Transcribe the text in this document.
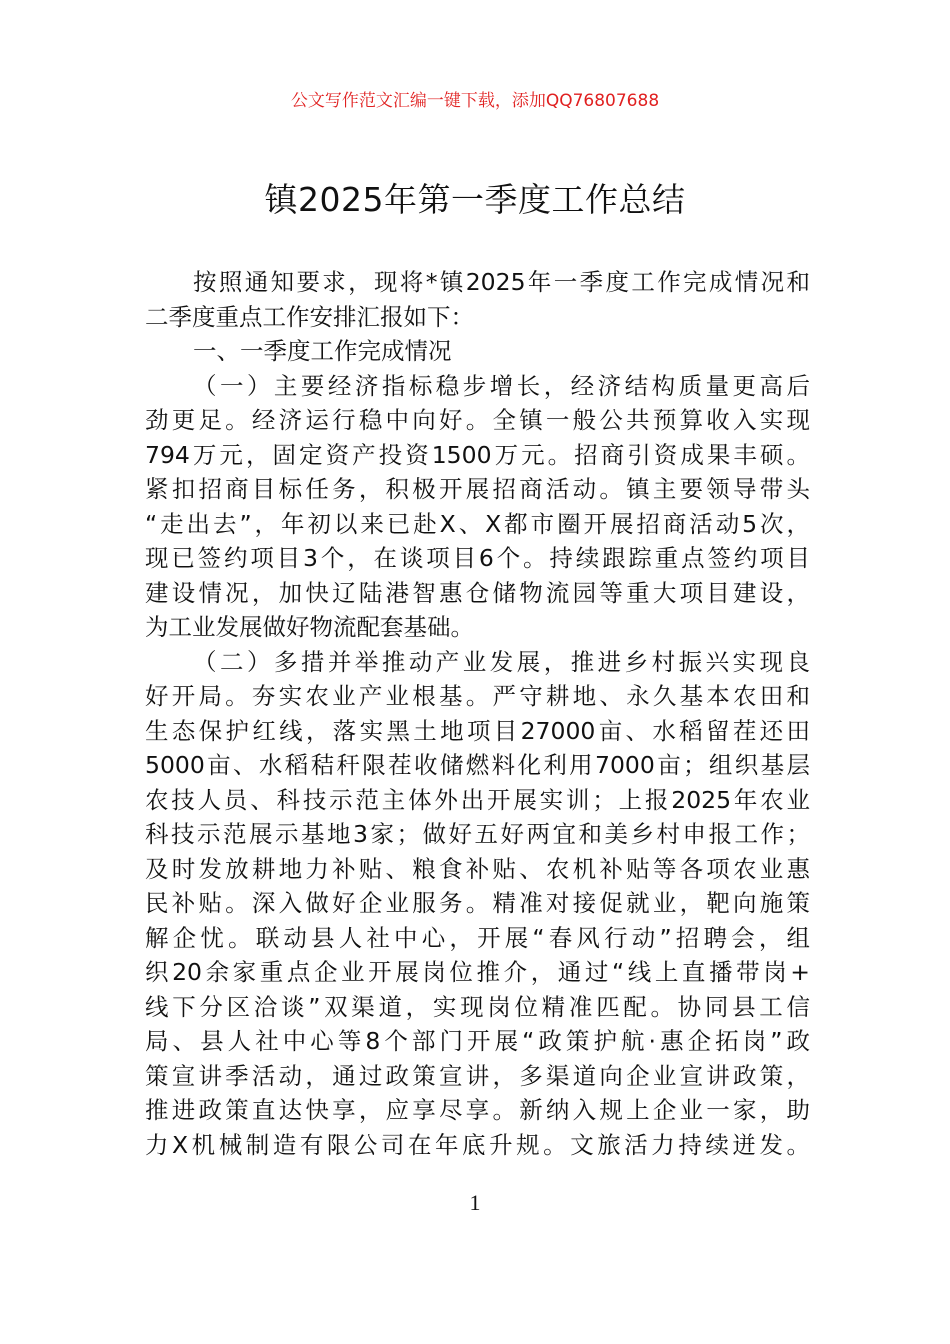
公文写作范文汇编一键下载，添加QQ76807688
镇2025年第一季度工作总结
按照通知要求，现将*镇2025年一季度工作完成情况和
二季度重点工作安排汇报如下：
一、一季度工作完成情况
（一）主要经济指标稳步增长，经济结构质量更高后
劲更足。经济运行稳中向好。全镇一般公共预算收入实现
794万元，固定资产投资1500万元。招商引资成果丰硕。
紧扣招商目标任务，积极开展招商活动。镇主要领导带头
“走出去”，年初以来已赴X、X都市圈开展招商活动5次，
现已签约项目3个，在谈项目6个。持续跟踪重点签约项目
建设情况，加快辽陆港智惠仓储物流园等重大项目建设，
为工业发展做好物流配套基础。
（二）多措并举推动产业发展，推进乡村振兴实现良
好开局。夯实农业产业根基。严守耕地、永久基本农田和
生态保护红线，落实黑土地项目27000亩、水稻留茬还田
5000亩、水稻秸秆限茬收储燃料化利用7000亩；组织基层
农技人员、科技示范主体外出开展实训；上报2025年农业
科技示范展示基地3家；做好五好两宜和美乡村申报工作；
及时发放耕地力补贴、粮食补贴、农机补贴等各项农业惠
民补贴。深入做好企业服务。精准对接促就业，靶向施策
解企忧。联动县人社中心，开展“春风行动”招聘会，组
织20余家重点企业开展岗位推介，通过“线上直播带岗+
线下分区洽谈”双渠道，实现岗位精准匹配。协同县工信
局、县人社中心等8个部门开展“政策护航·惠企拓岗”政
策宣讲季活动，通过政策宣讲，多渠道向企业宣讲政策，
推进政策直达快享，应享尽享。新纳入规上企业一家，助
力X机械制造有限公司在年底升规。文旅活力持续迸发。
1
